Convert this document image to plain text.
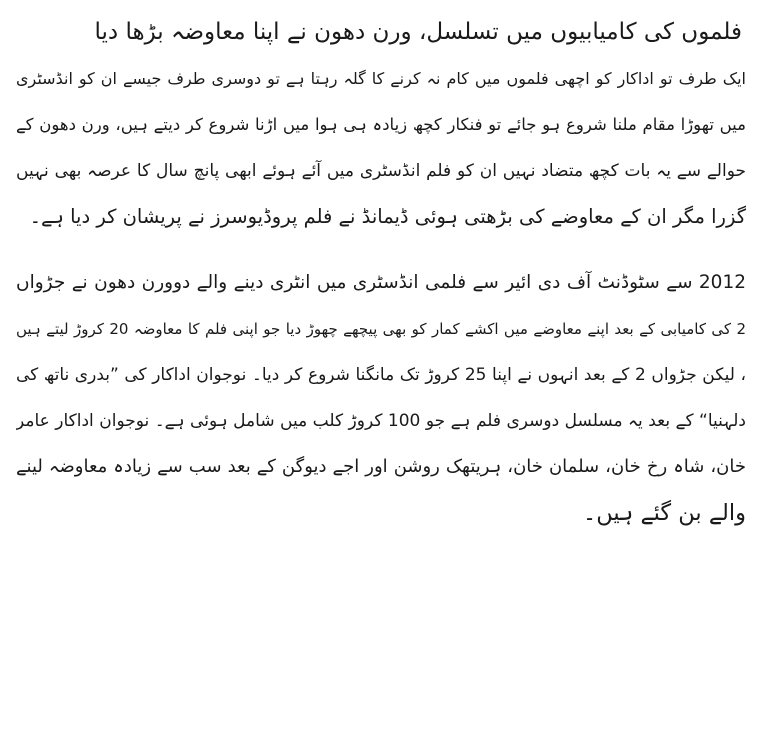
فلموں کی کامیابیوں میں تسلسل، ورن دھون نے اپنا معاوضہ بڑھا دیا
ایک طرف تو اداکار کو اچھی فلموں میں کام نہ کرنے کا گلہ رہتا ہے تو دوسری طرف جیسے ان کو انڈسٹری
میں تھوڑا مقام ملنا شروع ہو جائے تو فنکار کچھ زیادہ ہی ہوا میں اڑنا شروع کر دیتے ہیں، ورن دھون کے
حوالے سے یہ بات کچھ متضاد نہیں ان کو فلم انڈسٹری میں آئے ہوئے ابھی پانچ سال کا عرصہ بھی نہیں
گزرا مگر ان کے معاوضے کی بڑھتی ہوئی ڈیمانڈ نے فلم پروڈیوسرز نے پریشان کر دیا ہے۔
2012 سے سٹوڈنٹ آف دی ائیر سے فلمی انڈسٹری میں انٹری دینے والے دوورن دھون نے جڑواں
2 کی کامیابی کے بعد اپنے معاوضے میں اکشے کمار کو بھی پیچھے چھوڑ دیا جو اپنی فلم کا معاوضہ 20 کروڑ لیتے ہیں
، لیکن جڑواں 2 کے بعد انہوں نے اپنا 25 کروڑ تک مانگنا شروع کر دیا۔ نوجوان اداکار کی ”بدری ناتھ کی
دلہنیا“ کے بعد یہ مسلسل دوسری فلم ہے جو 100 کروڑ کلب میں شامل ہوئی ہے۔ نوجوان اداکار عامر
خان، شاہ رخ خان، سلمان خان، ہریتھک روشن اور اجے دیوگن کے بعد سب سے زیادہ معاوضہ لینے
والے بن گئے ہیں۔
